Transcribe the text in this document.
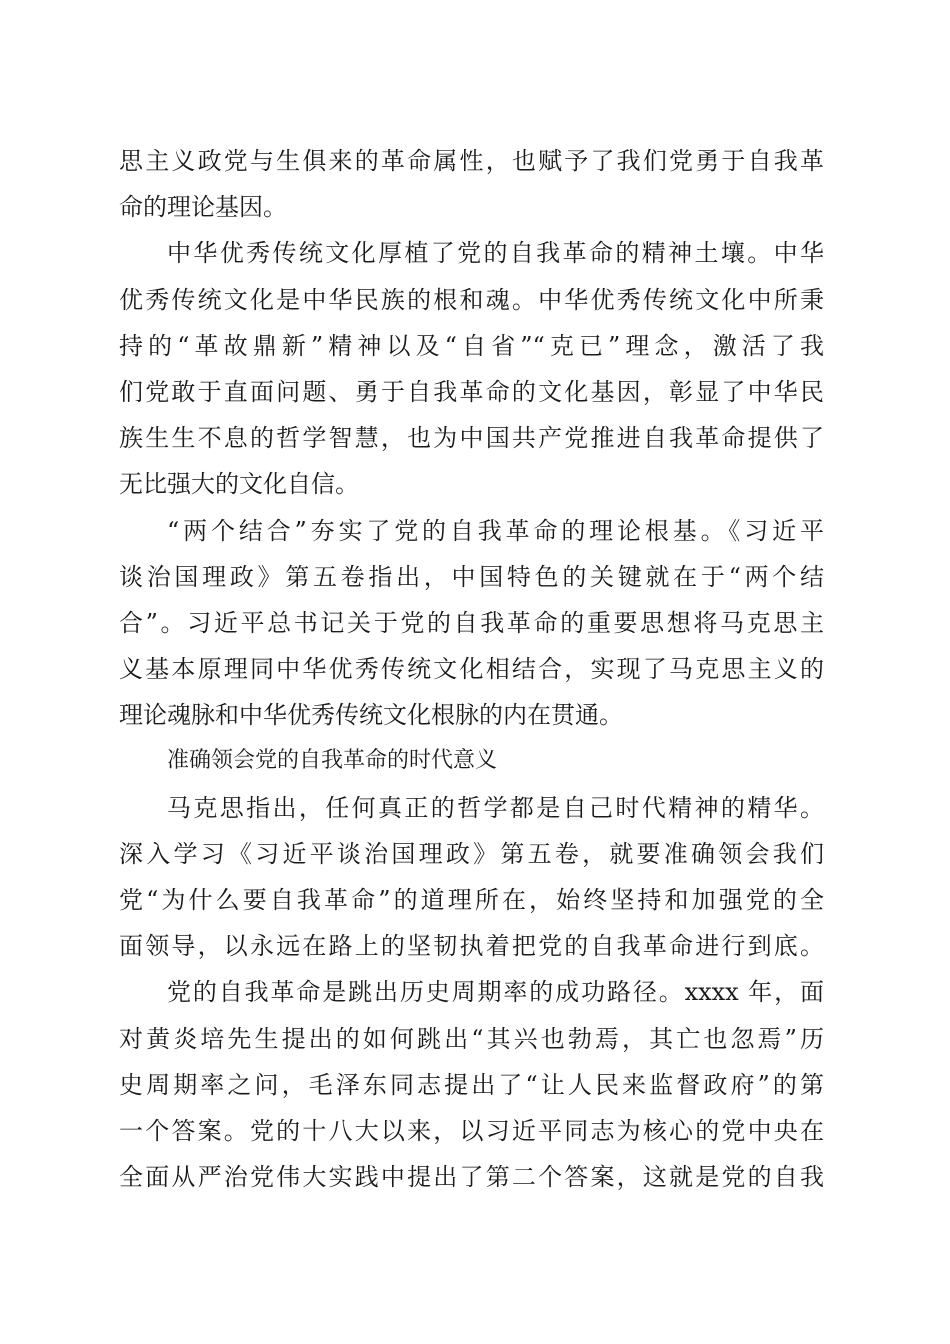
思主义政党与生俱来的革命属性，也赋予了我们党勇于自我革
命的理论基因。
中华优秀传统文化厚植了党的自我革命的精神土壤。中华
优秀传统文化是中华民族的根和魂。中华优秀传统文化中所秉
持的“革故鼎新”精神以及“自省”“克已”理念，激活了我
们党敢于直面问题、勇于自我革命的文化基因，彰显了中华民
族生生不息的哲学智慧，也为中国共产党推进自我革命提供了
无比强大的文化自信。
“两个结合”夯实了党的自我革命的理论根基。《习近平
谈治国理政》第五卷指出，中国特色的关键就在于“两个结
合”。习近平总书记关于党的自我革命的重要思想将马克思主
义基本原理同中华优秀传统文化相结合，实现了马克思主义的
理论魂脉和中华优秀传统文化根脉的内在贯通。
准确领会党的自我革命的时代意义
马克思指出，任何真正的哲学都是自己时代精神的精华。
深入学习《习近平谈治国理政》第五卷，就要准确领会我们
党“为什么要自我革命”的道理所在，始终坚持和加强党的全
面领导，以永远在路上的坚韧执着把党的自我革命进行到底。
党的自我革命是跳出历史周期率的成功路径。xxxx 年，面
对黄炎培先生提出的如何跳出“其兴也勃焉，其亡也忽焉”历
史周期率之问，毛泽东同志提出了“让人民来监督政府”的第
一个答案。党的十八大以来，以习近平同志为核心的党中央在
全面从严治党伟大实践中提出了第二个答案，这就是党的自我
